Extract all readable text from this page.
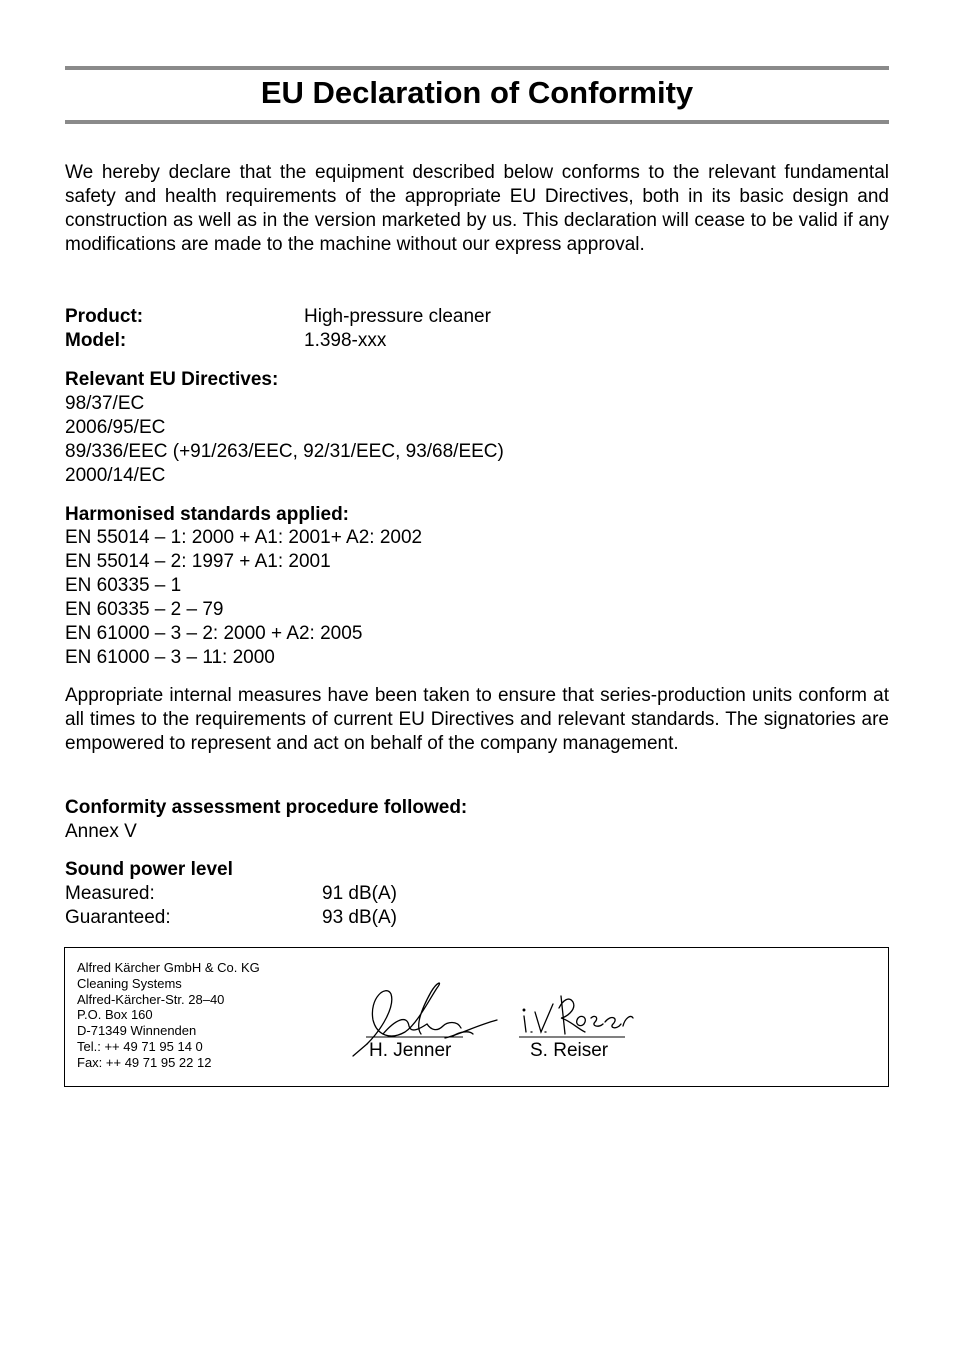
EU Declaration of Conformity

We hereby declare that the equipment described below conforms to the relevant fundamental safety and health requirements of the appropriate EU Directives, both in its basic design and construction as well as in the version marketed by us. This declaration will cease to be valid if any modifications are made to the machine without our express approval.

Product:	High-pressure cleaner
Model:	1.398-xxx
Relevant EU Directives:
98/37/EC
2006/95/EC
89/336/EEC (+91/263/EEC, 92/31/EEC, 93/68/EEC)
2000/14/EC
Harmonised standards applied:
EN 55014 – 1: 2000 + A1: 2001+ A2: 2002
EN 55014 – 2: 1997 + A1: 2001
EN 60335 – 1
EN 60335 – 2 – 79
EN 61000 – 3 – 2: 2000 + A2: 2005
EN 61000 – 3 – 11: 2000

Appropriate internal measures have been taken to ensure that series-production units conform at all times to the requirements of current EU Directives and relevant standards. The signatories are empowered to represent and act on behalf of the company management.

Conformity assessment procedure followed:
Annex V
Sound power level
Measured:	91 dB(A)
Guaranteed:	93 dB(A)
Alfred Kärcher GmbH & Co. KG
Cleaning Systems
Alfred-Kärcher-Str. 28–40
P.O. Box 160
D-71349 Winnenden
Tel.: ++ 49 71 95 14 0
Fax: ++ 49 71 95 22 12
H. Jenner	S. Reiser
